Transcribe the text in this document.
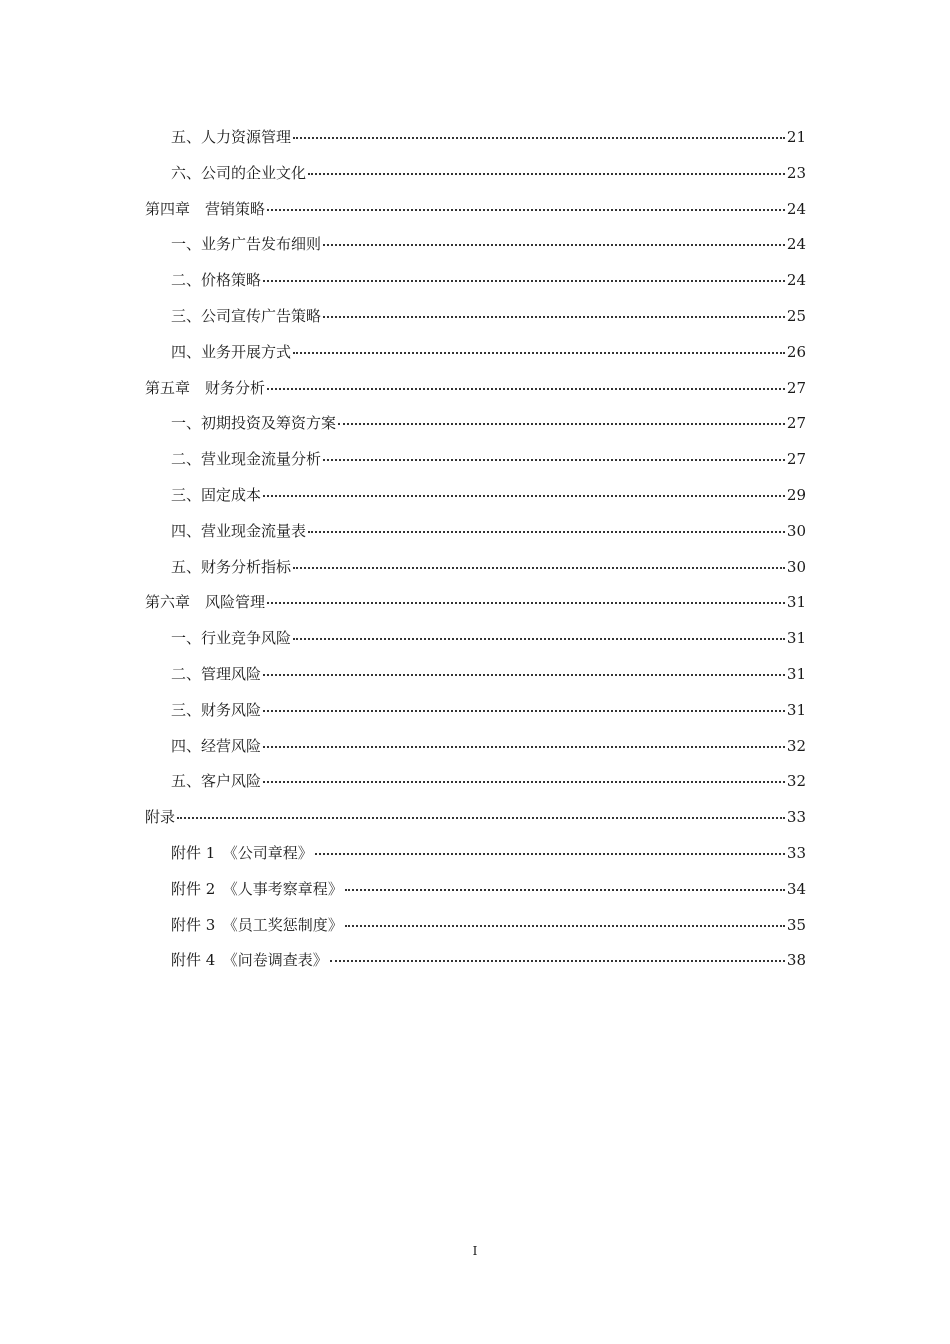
五、人力资源管理	21
六、公司的企业文化	23
第四章　营销策略	24
一、业务广告发布细则	24
二、价格策略	24
三、公司宣传广告策略	25
四、业务开展方式	26
第五章　财务分析	27
一、初期投资及筹资方案	27
二、营业现金流量分析	27
三、固定成本	29
四、营业现金流量表	30
五、财务分析指标	30
第六章　风险管理	31
一、行业竞争风险	31
二、管理风险	31
三、财务风险	31
四、经营风险	32
五、客户风险	32
附录	33
附件 1　《公司章程》	33
附件 2　《人事考察章程》	34
附件 3　《员工奖惩制度》	35
附件 4　《问卷调查表》	38
I
